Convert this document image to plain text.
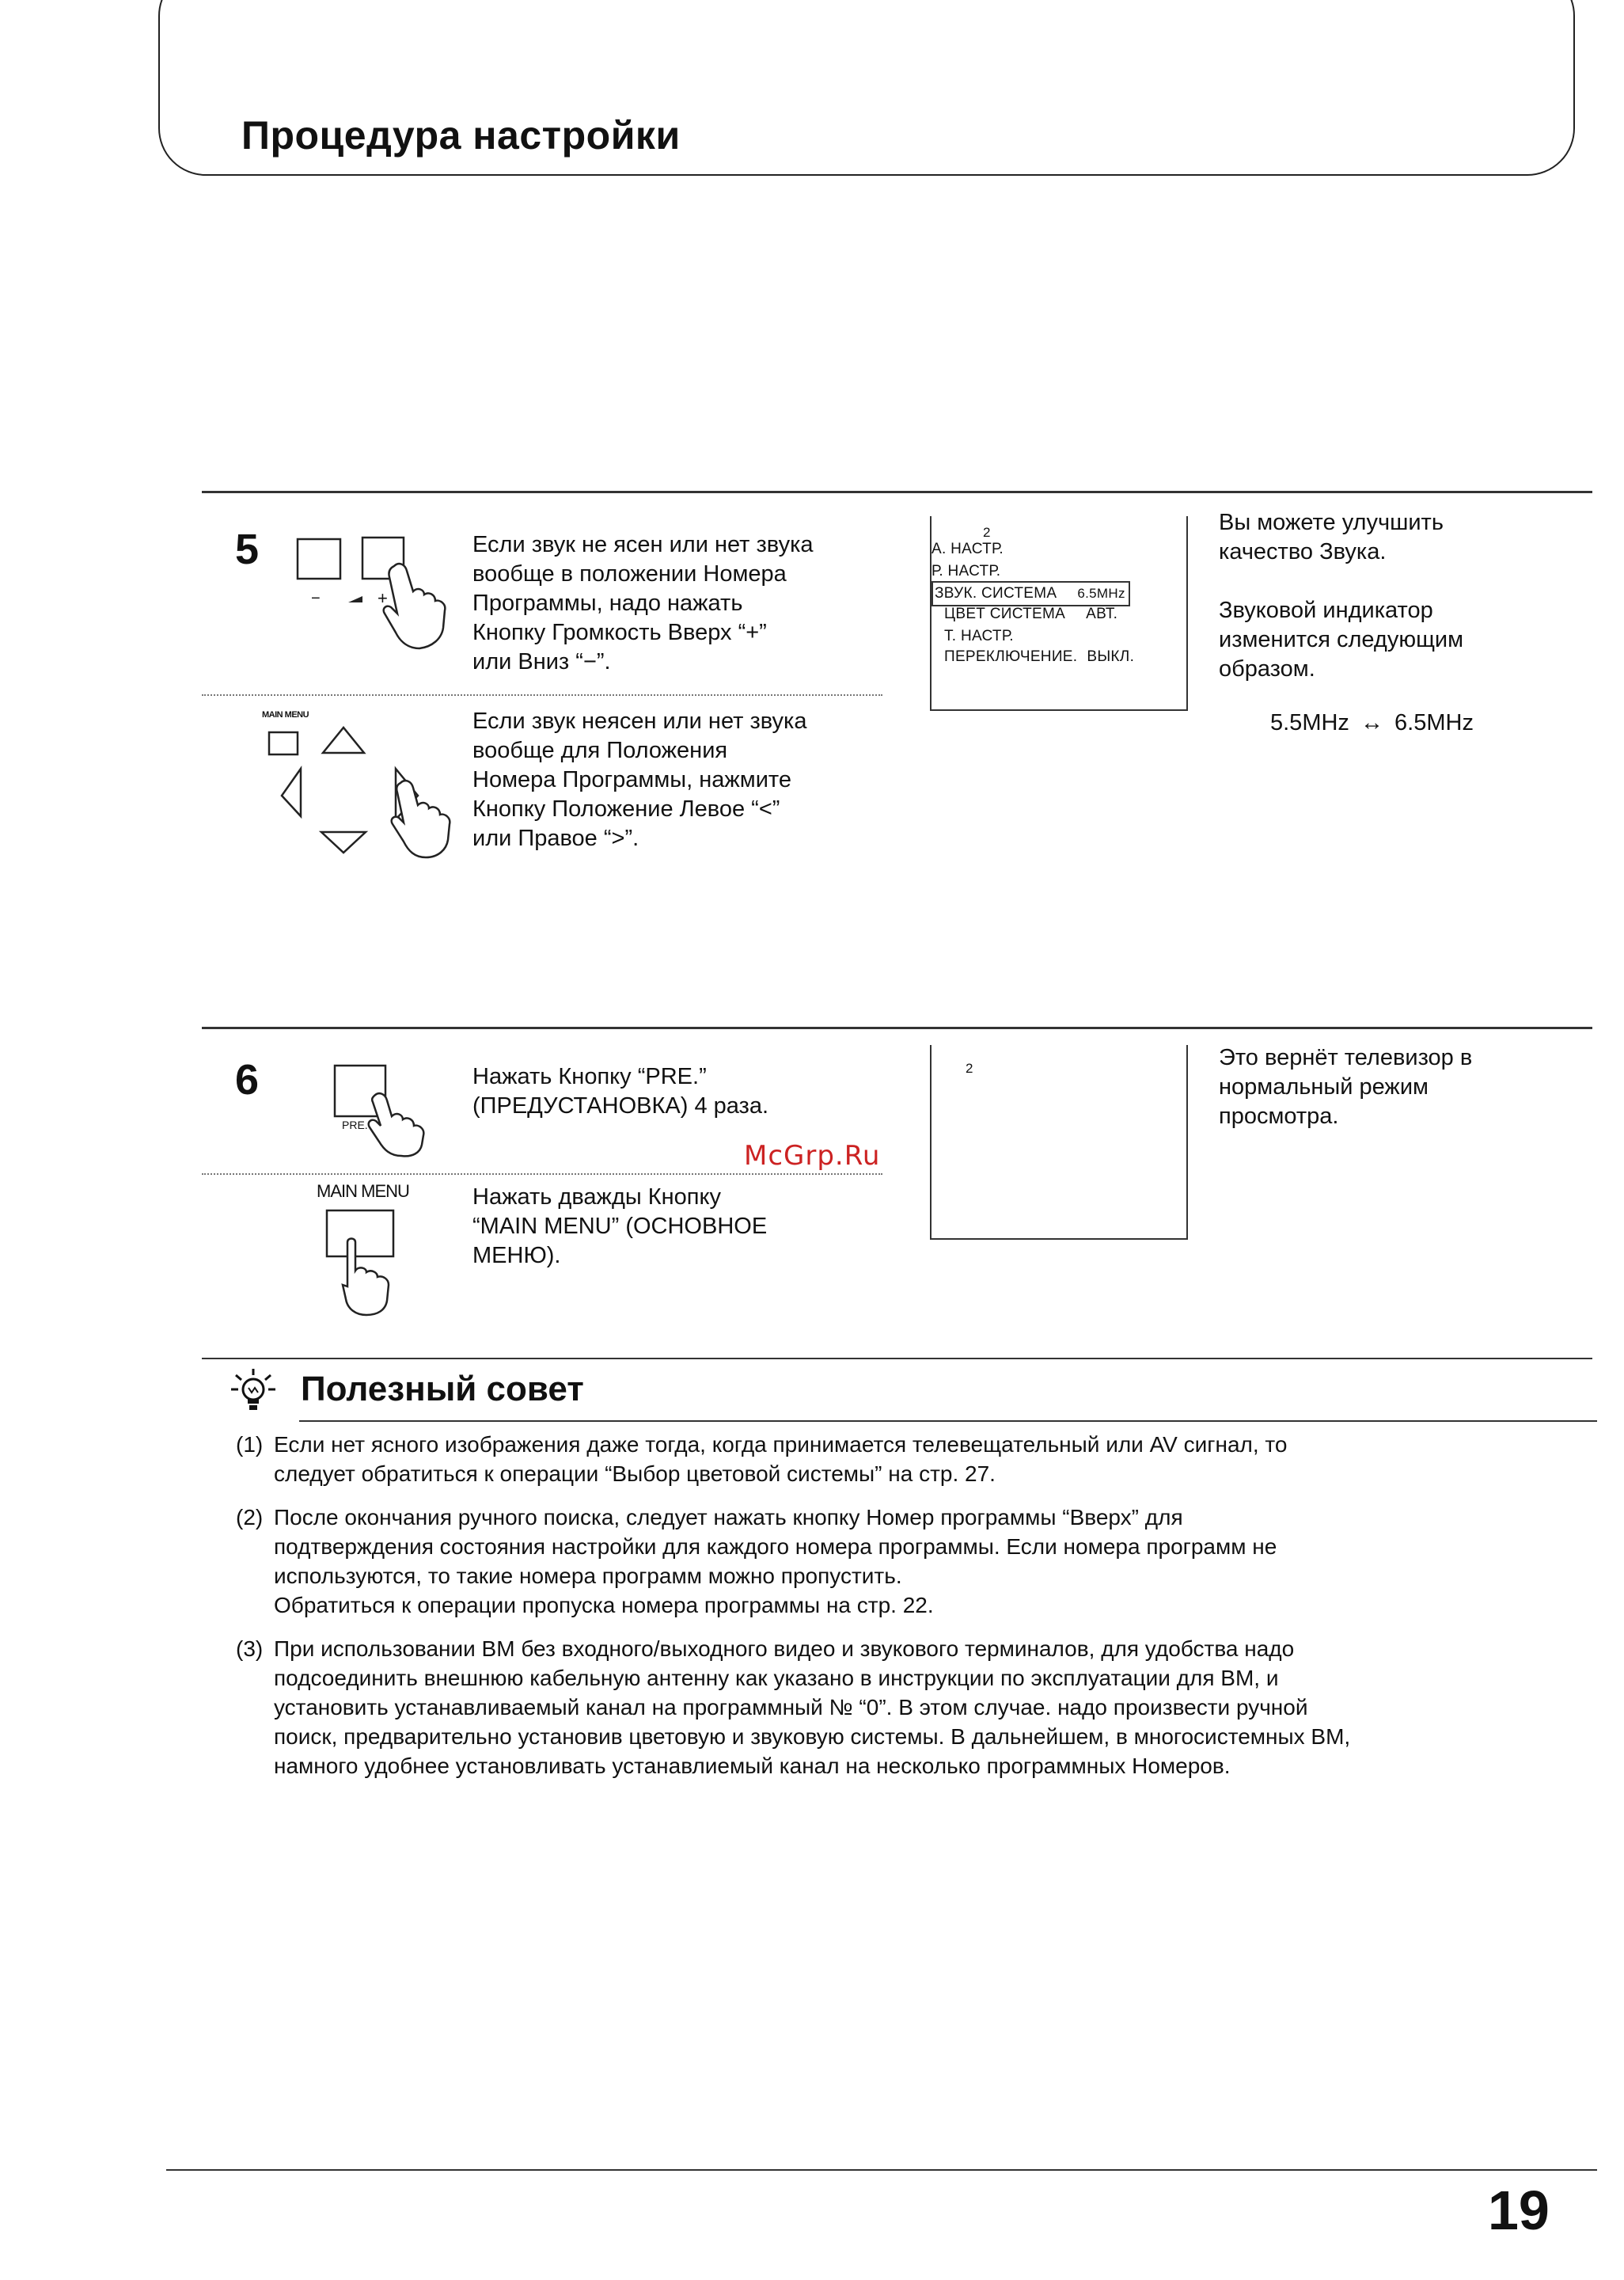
Процедура настройки
5
−	+
Если звук не ясен или нет звука
вообще в положении Номера
Программы, надо нажать
Кнопку Громкость Вверх “+”
или Вниз “−”.
MAIN MENU	Если звук неясен или нет звука
вообще для Положения
Номера Программы, нажмите
Кнопку Положение Левое “<”
или Правое “>”.
2
А. НАСТР.
Р. НАСТР.
ЗВУК. СИСТЕМА 6.5MHz
ЦВЕТ СИСТЕМА АВТ.
Т. НАСТР.
ПЕРЕКЛЮЧЕНИЕ. ВЫКЛ.
Вы можете улучшить
качество Звука.

Звуковой индикатор
изменится следующим
образом.
5.5MHz ↔ 6.5MHz
6
PRE.
Нажать Кнопку “PRE.”
(ПРЕДУСТАНОВКА) 4 раза.
McGrp.Ru
MAIN MENU	Нажать дважды Кнопку
“MAIN MENU” (ОСНОВНОЕ
МЕНЮ).
2	Это вернёт телевизор в
нормальный режим
просмотра.
Полезный совет
(1) Если нет ясного изображения даже тогда, когда принимается телевещательный или AV сигнал, то
следует обратиться к операции “Выбор цветовой системы” на стр. 27.
(2) После окончания ручного поиска, следует нажать кнопку Номер программы “Вверх” для
подтверждения состояния настройки для каждого номера программы. Если номера программ не
используются, то такие номера программ можно пропустить.
Обратиться к операции пропуска номера программы на стр. 22.
(3) При использовании ВМ без входного/выходного видео и звукового терминалов, для удобства надо
подсоединить внешнюю кабельную антенну как указано в инструкции по эксплуатации для ВМ, и
установить устанавливаемый канал на программный № “0”. В этом случае. надо произвести ручной
поиск, предварительно установив цветовую и звуковую системы. В дальнейшем, в многосистемных ВМ,
намного удобнее установливать устанавлиемый канал на несколько программных Номеров.
19
